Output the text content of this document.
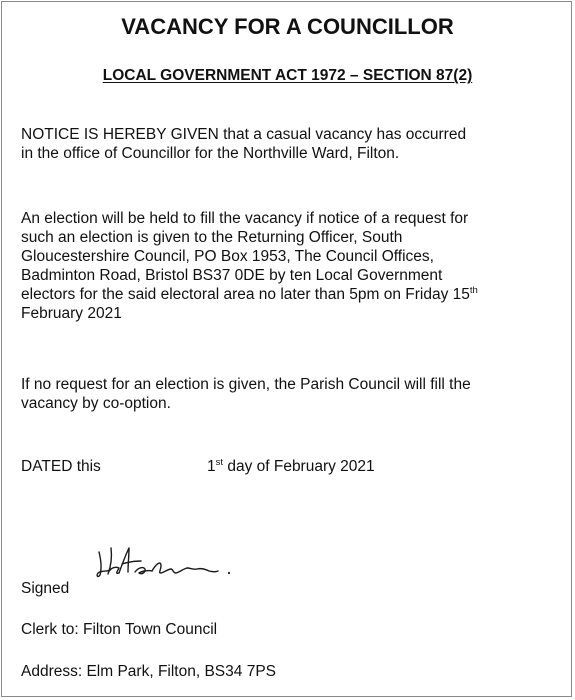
VACANCY FOR A COUNCILLOR
LOCAL GOVERNMENT ACT 1972 – SECTION 87(2)
NOTICE IS HEREBY GIVEN that a casual vacancy has occurred
in the office of Councillor for the Northville Ward, Filton.
An election will be held to fill the vacancy if notice of a request for
such an election is given to the Returning Officer, South
Gloucestershire Council, PO Box 1953, The Council Offices,
Badminton Road, Bristol BS37 0DE by ten Local Government
electors for the said electoral area no later than 5pm on Friday 15th
February 2021
If no request for an election is given, the Parish Council will fill the
vacancy by co-option.
DATED this	1st day of February 2021
Signed
Clerk to: Filton Town Council
Address: Elm Park, Filton, BS34 7PS
